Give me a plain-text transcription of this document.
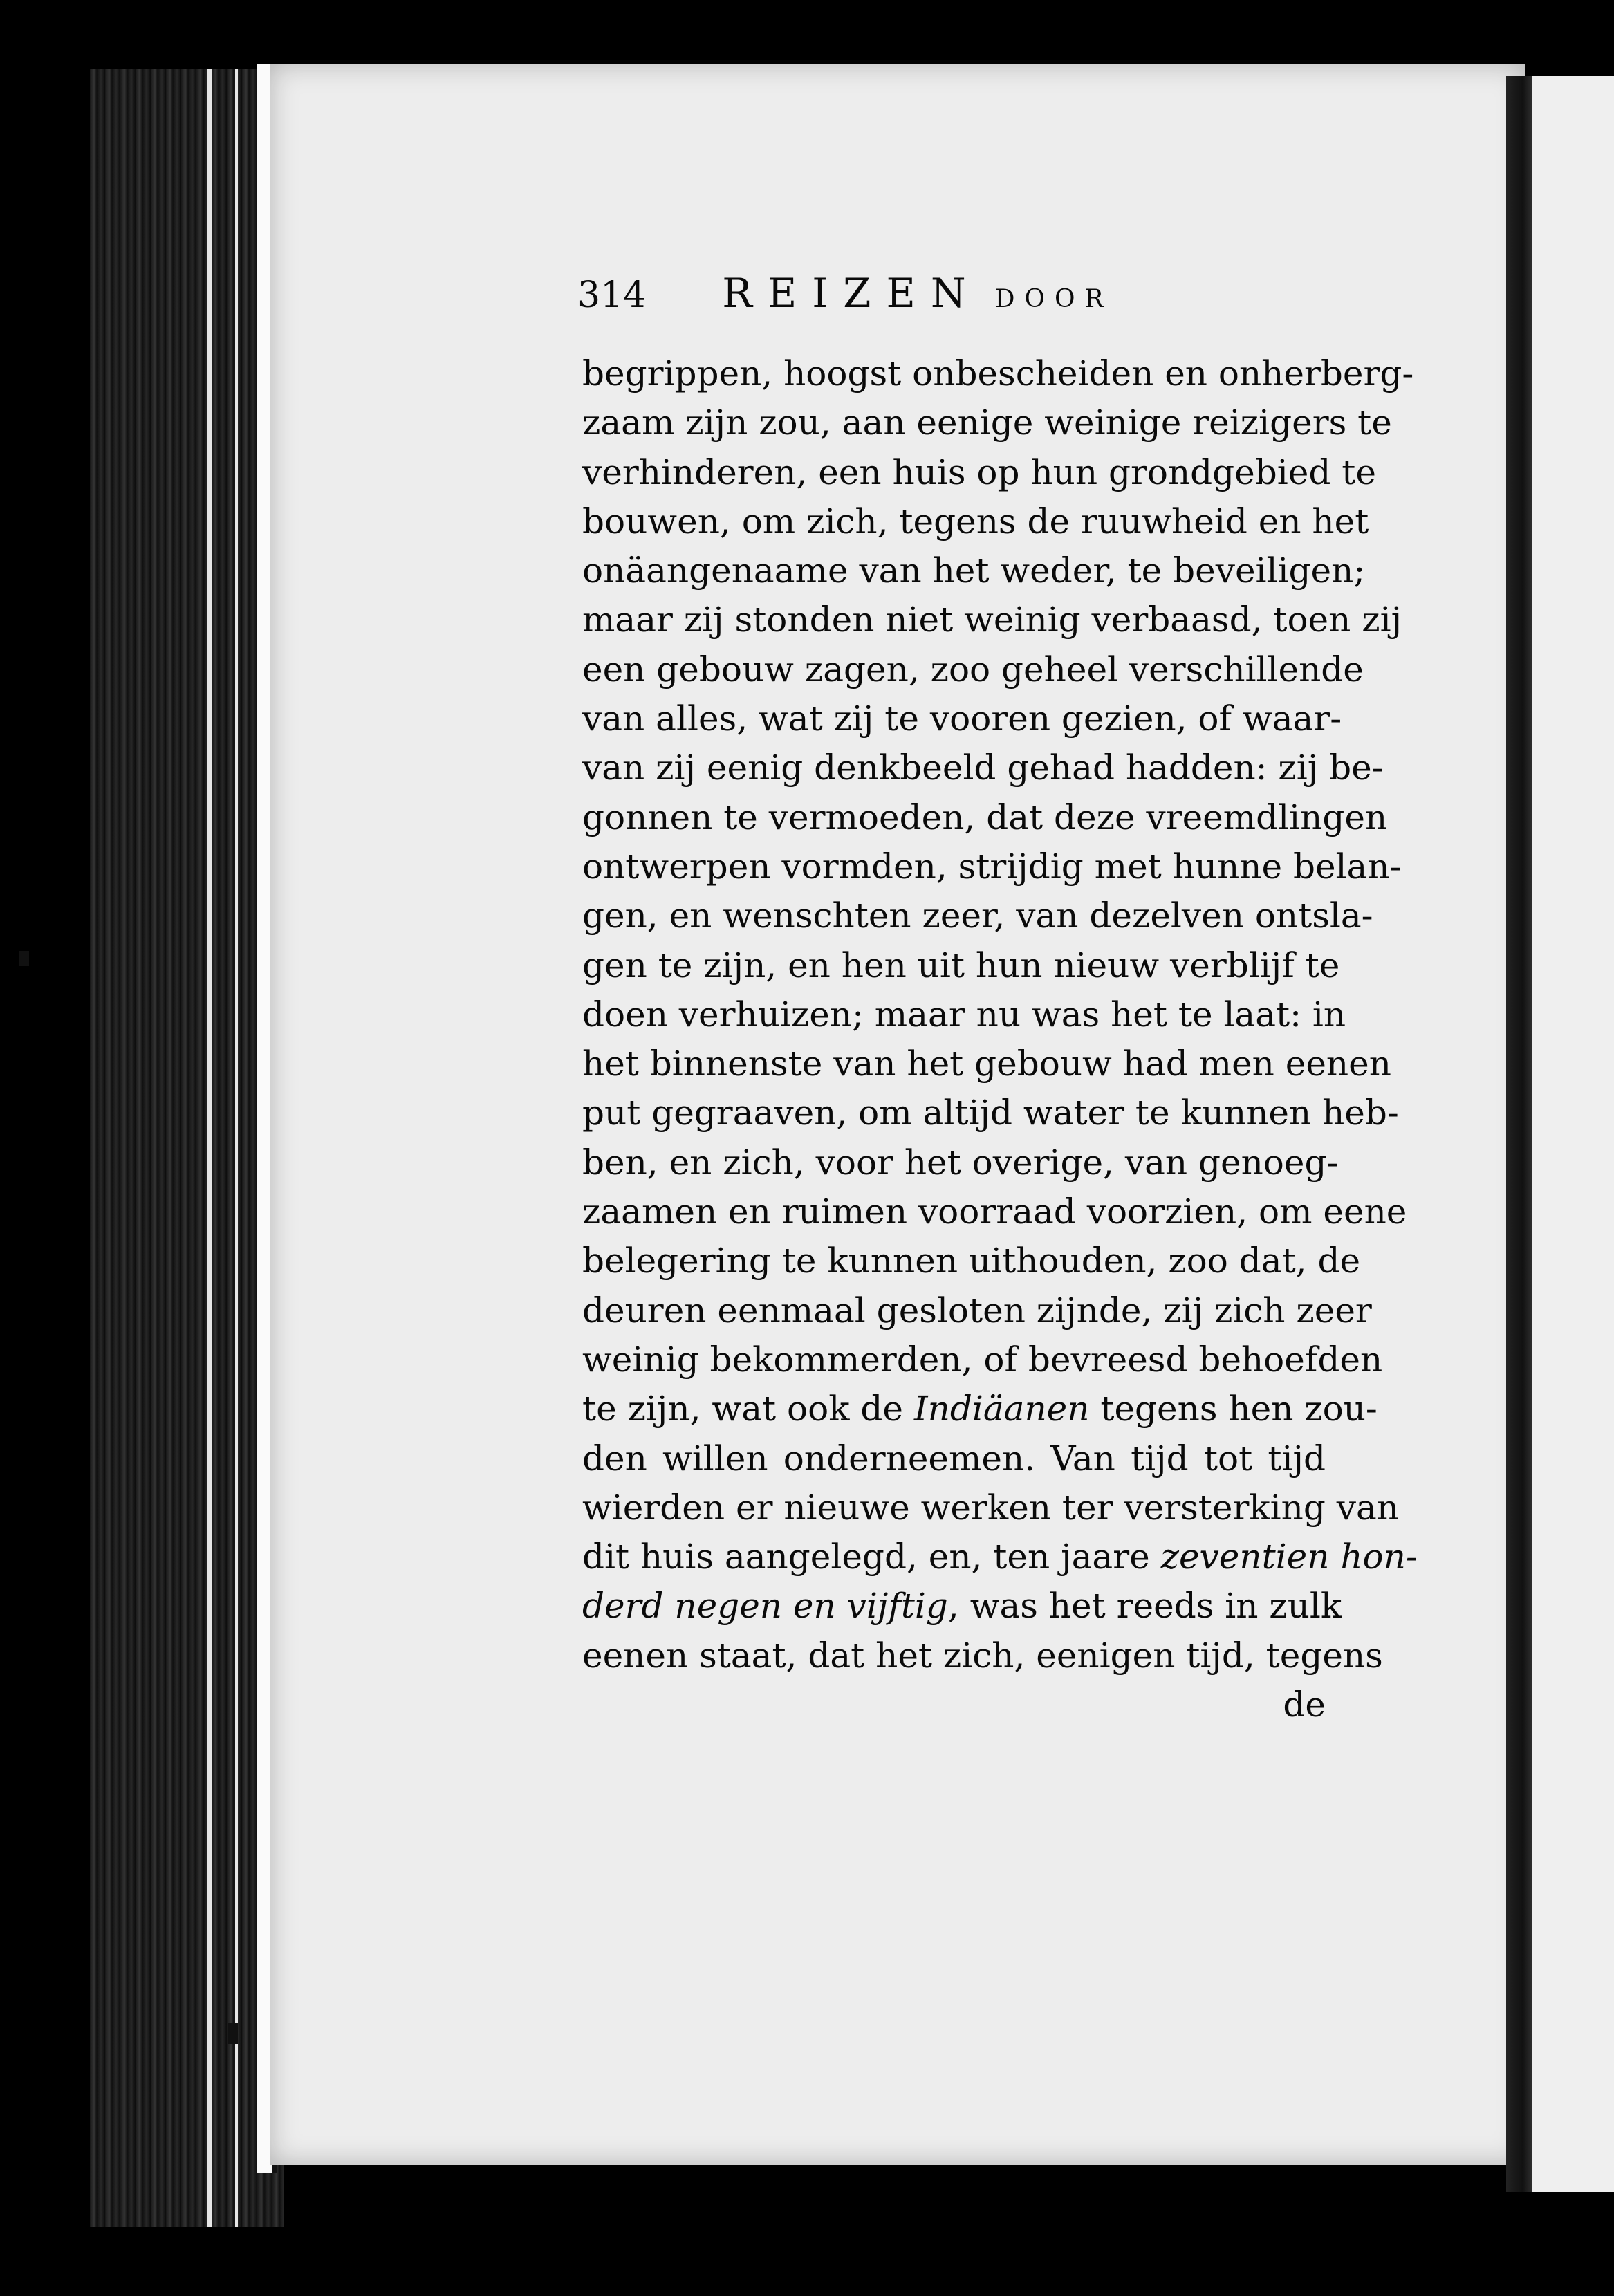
314 REIZEN DOOR
begrippen, hoogst onbescheiden en onherberg-
zaam zijn zou, aan eenige weinige reizigers te
verhinderen, een huis op hun grondgebied te
bouwen, om zich, tegens de ruuwheid en het
onäangenaame van het weder, te beveiligen;
maar zij stonden niet weinig verbaasd, toen zij
een gebouw zagen, zoo geheel verschillende
van alles, wat zij te vooren gezien, of waar-
van zij eenig denkbeeld gehad hadden: zij be-
gonnen te vermoeden, dat deze vreemdlingen
ontwerpen vormden, strijdig met hunne belan-
gen, en wenschten zeer, van dezelven ontsla-
gen te zijn, en hen uit hun nieuw verblijf te
doen verhuizen; maar nu was het te laat: in
het binnenste van het gebouw had men eenen
put gegraaven, om altijd water te kunnen heb-
ben, en zich, voor het overige, van genoeg-
zaamen en ruimen voorraad voorzien, om eene
belegering te kunnen uithouden, zoo dat, de
deuren eenmaal gesloten zijnde, zij zich zeer
weinig bekommerden, of bevreesd behoefden
te zijn, wat ook de Indiäanen tegens hen zou-
den willen onderneemen. Van tijd tot tijd
wierden er nieuwe werken ter versterking van
dit huis aangelegd, en, ten jaare zeventien hon-
derd negen en vijftig, was het reeds in zulk
eenen staat, dat het zich, eenigen tijd, tegens
de
